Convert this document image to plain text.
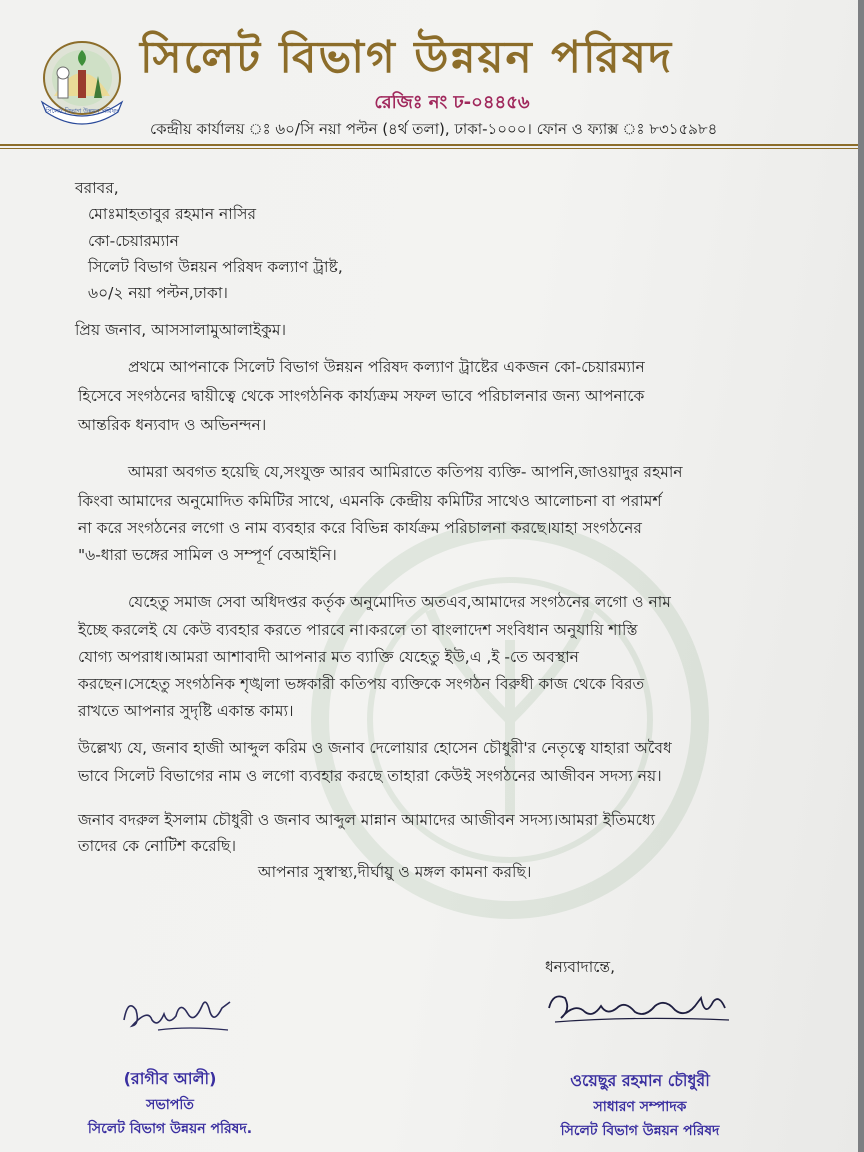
সিলেট বিভাগ উন্নয়ন পরিষদ
সিলেট বিভাগ উন্নয়ন পরিষদ
রেজিঃ নং ঢ-০৪৪৫৬
কেন্দ্রীয় কার্যালয় ঃ ৬০/সি নয়া পল্টন (৪র্থ তলা), ঢাকা-১০০০। ফোন ও ফ্যাক্স ঃ ৮৩১৫৯৮৪
বরাবর,
মোঃমাহতাবুর রহমান নাসির
কো-চেয়ারম্যান
সিলেট বিভাগ উন্নয়ন পরিষদ কল্যাণ ট্রাষ্ট,
৬০/২ নয়া পল্টন,ঢাকা।
প্রিয় জনাব, আসসালামুআলাইকুম।
প্রথমে আপনাকে সিলেট বিভাগ উন্নয়ন পরিষদ কল্যাণ ট্রাষ্টের একজন কো-চেয়ারম্যান
হিসেবে সংগঠনের দ্বায়ীত্বে থেকে সাংগঠনিক কার্য্যক্রম সফল ভাবে পরিচালনার জন্য আপনাকে
আন্তরিক ধন্যবাদ ও অভিনন্দন।
আমরা অবগত হয়েছি যে,সংযুক্ত আরব আমিরাতে কতিপয় ব্যক্তি- আপনি,জাওয়াদুর রহমান
কিংবা আমাদের অনুমোদিত কমিটির সাথে, এমনকি কেন্দ্রীয় কমিটির সাথেও আলোচনা বা পরামর্শ
না করে সংগঠনের লগো ও নাম ব্যবহার করে বিভিন্ন কার্যক্রম পরিচালনা করছে।যাহা সংগঠনের
"৬-ধারা ভঙ্গের সামিল ও সম্পূর্ণ বেআইনি।
যেহেতু সমাজ সেবা অধিদপ্তর কর্তৃক অনুমোদিত অতএব,আমাদের সংগঠনের লগো ও নাম
ইচ্ছে করলেই যে কেউ ব্যবহার করতে পারবে না।করলে তা বাংলাদেশ সংবিধান অনুযায়ি শাস্তি
যোগ্য অপরাধ।আমরা আশাবাদী আপনার মত ব্যাক্তি যেহেতু ইউ,এ ,ই -তে অবস্থান
করছেন।সেহেতু সংগঠনিক শৃঙ্খলা ভঙ্গকারী কতিপয় ব্যক্তিকে সংগঠন বিরুধী কাজ থেকে বিরত
রাখতে আপনার সুদৃষ্টি একান্ত কাম্য।
উল্লেখ্য যে, জনাব হাজী আব্দুল করিম ও জনাব দেলোয়ার হোসেন চৌধুরী'র নেতৃত্বে যাহারা অবৈধ
ভাবে সিলেট বিভাগের নাম ও লগো ব্যবহার করছে তাহারা কেউই সংগঠনের আজীবন সদস্য নয়।
জনাব বদরুল ইসলাম চৌধুরী ও জনাব আব্দুল মান্নান আমাদের আজীবন সদস্য।আমরা ইতিমধ্যে
তাদের কে নোটিশ করেছি।
আপনার সুস্বাস্থ্য,দীর্ঘায়ু ও মঙ্গল কামনা করছি।
ধন্যবাদান্তে,
(রাগীব আলী)
সভাপতি
সিলেট বিভাগ উন্নয়ন পরিষদ.
ওয়েছুর রহমান চৌধুরী
সাধারণ সম্পাদক
সিলেট বিভাগ উন্নয়ন পরিষদ
